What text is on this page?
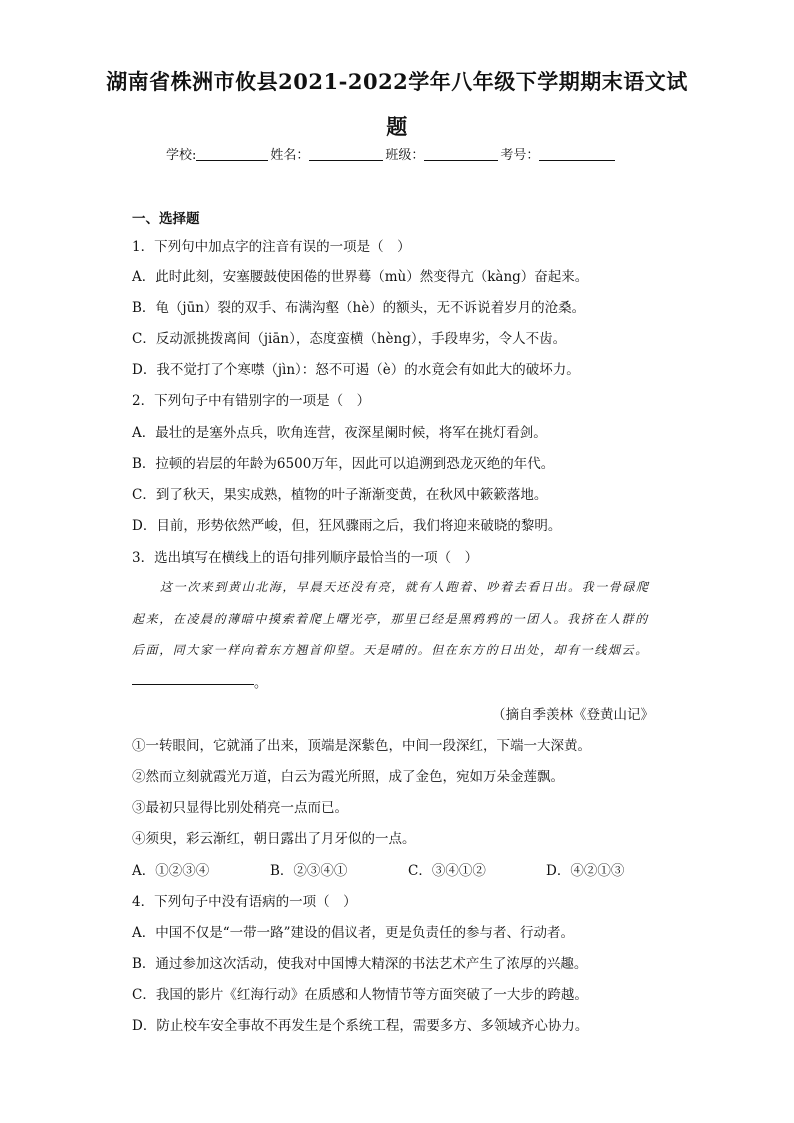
湖南省株洲市攸县2021-2022学年八年级下学期期末语文试
题
学校:	姓名：	班级：	考号：
一、选择题
1．下列句中加点字的注音有误的一项是（　）
A．此时此刻，安塞腰鼓使困倦的世界蓦（mù）然变得亢（kàng）奋起来。
B．龟（jūn）裂的双手、布满沟壑（hè）的额头，无不诉说着岁月的沧桑。
C．反动派挑拨离间（jiān），态度蛮横（hèng），手段卑劣，令人不齿。
D．我不觉打了个寒噤（jìn）：怒不可遏（è）的水竟会有如此大的破坏力。
2．下列句子中有错别字的一项是（　）
A．最壮的是塞外点兵，吹角连营，夜深星阑时候，将军在挑灯看剑。
B．拉顿的岩层的年龄为6500万年，因此可以追溯到恐龙灭绝的年代。
C．到了秋天，果实成熟，植物的叶子渐渐变黄，在秋风中簌簌落地。
D．目前，形势依然严峻，但，狂风骤雨之后，我们将迎来破晓的黎明。
3．选出填写在横线上的语句排列顺序最恰当的一项（　）
这一次来到黄山北海，早晨天还没有亮，就有人跑着、吵着去看日出。我一骨碌爬
起来，在凌晨的薄暗中摸索着爬上曙光亭，那里已经是黑鸦鸦的一团人。我挤在人群的
后面，同大家一样向着东方翘首仰望。天是晴的。但在东方的日出处，却有一线烟云。
。
（摘自季羡林《登黄山记》
①一转眼间，它就涌了出来，顶端是深紫色，中间一段深红，下端一大深黄。
②然而立刻就霞光万道，白云为霞光所照，成了金色，宛如万朵金莲飘。
③最初只显得比别处稍亮一点而已。
④须臾，彩云渐红，朝日露出了月牙似的一点。
A．①②③④	B．②③④①	C．③④①②	D．④②①③
4．下列句子中没有语病的一项（　）
A．中国不仅是“一带一路”建设的倡议者，更是负责任的参与者、行动者。
B．通过参加这次活动，使我对中国博大精深的书法艺术产生了浓厚的兴趣。
C．我国的影片《红海行动》在质感和人物情节等方面突破了一大步的跨越。
D．防止校车安全事故不再发生是个系统工程，需要多方、多领域齐心协力。
